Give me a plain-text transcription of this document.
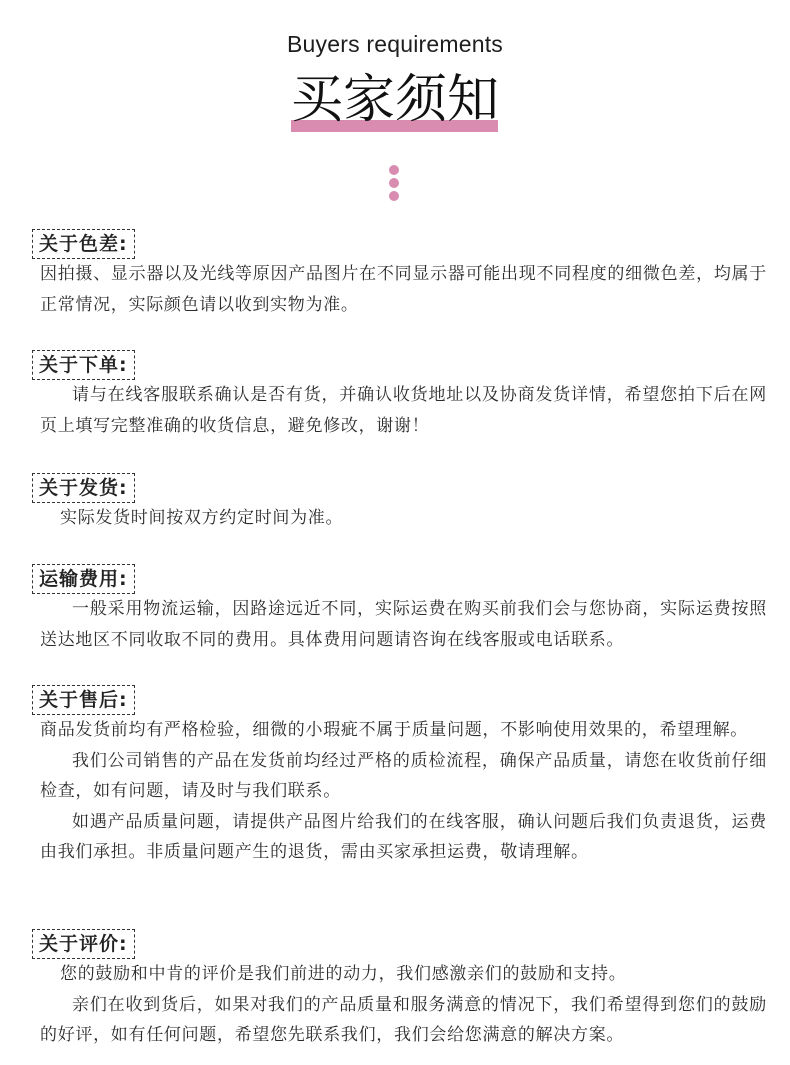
Buyers requirements
买家须知
关于色差:

因拍摄、显示器以及光线等原因产品图片在不同显示器可能出现不同程度的细微色差，均属于正常情况，实际颜色请以收到实物为准。

关于下单:

请与在线客服联系确认是否有货，并确认收货地址以及协商发货详情，希望您拍下后在网页上填写完整准确的收货信息，避免修改，谢谢！

关于发货:

实际发货时间按双方约定时间为准。

运输费用:

一般采用物流运输，因路途远近不同，实际运费在购买前我们会与您协商，实际运费按照送达地区不同收取不同的费用。具体费用问题请咨询在线客服或电话联系。

关于售后:

商品发货前均有严格检验，细微的小瑕疵不属于质量问题，不影响使用效果的，希望理解。

我们公司销售的产品在发货前均经过严格的质检流程，确保产品质量，请您在收货前仔细检查，如有问题，请及时与我们联系。

如遇产品质量问题，请提供产品图片给我们的在线客服，确认问题后我们负责退货，运费由我们承担。非质量问题产生的退货，需由买家承担运费，敬请理解。

关于评价:

您的鼓励和中肯的评价是我们前进的动力，我们感激亲们的鼓励和支持。

亲们在收到货后，如果对我们的产品质量和服务满意的情况下，我们希望得到您们的鼓励的好评，如有任何问题，希望您先联系我们，我们会给您满意的解决方案。
